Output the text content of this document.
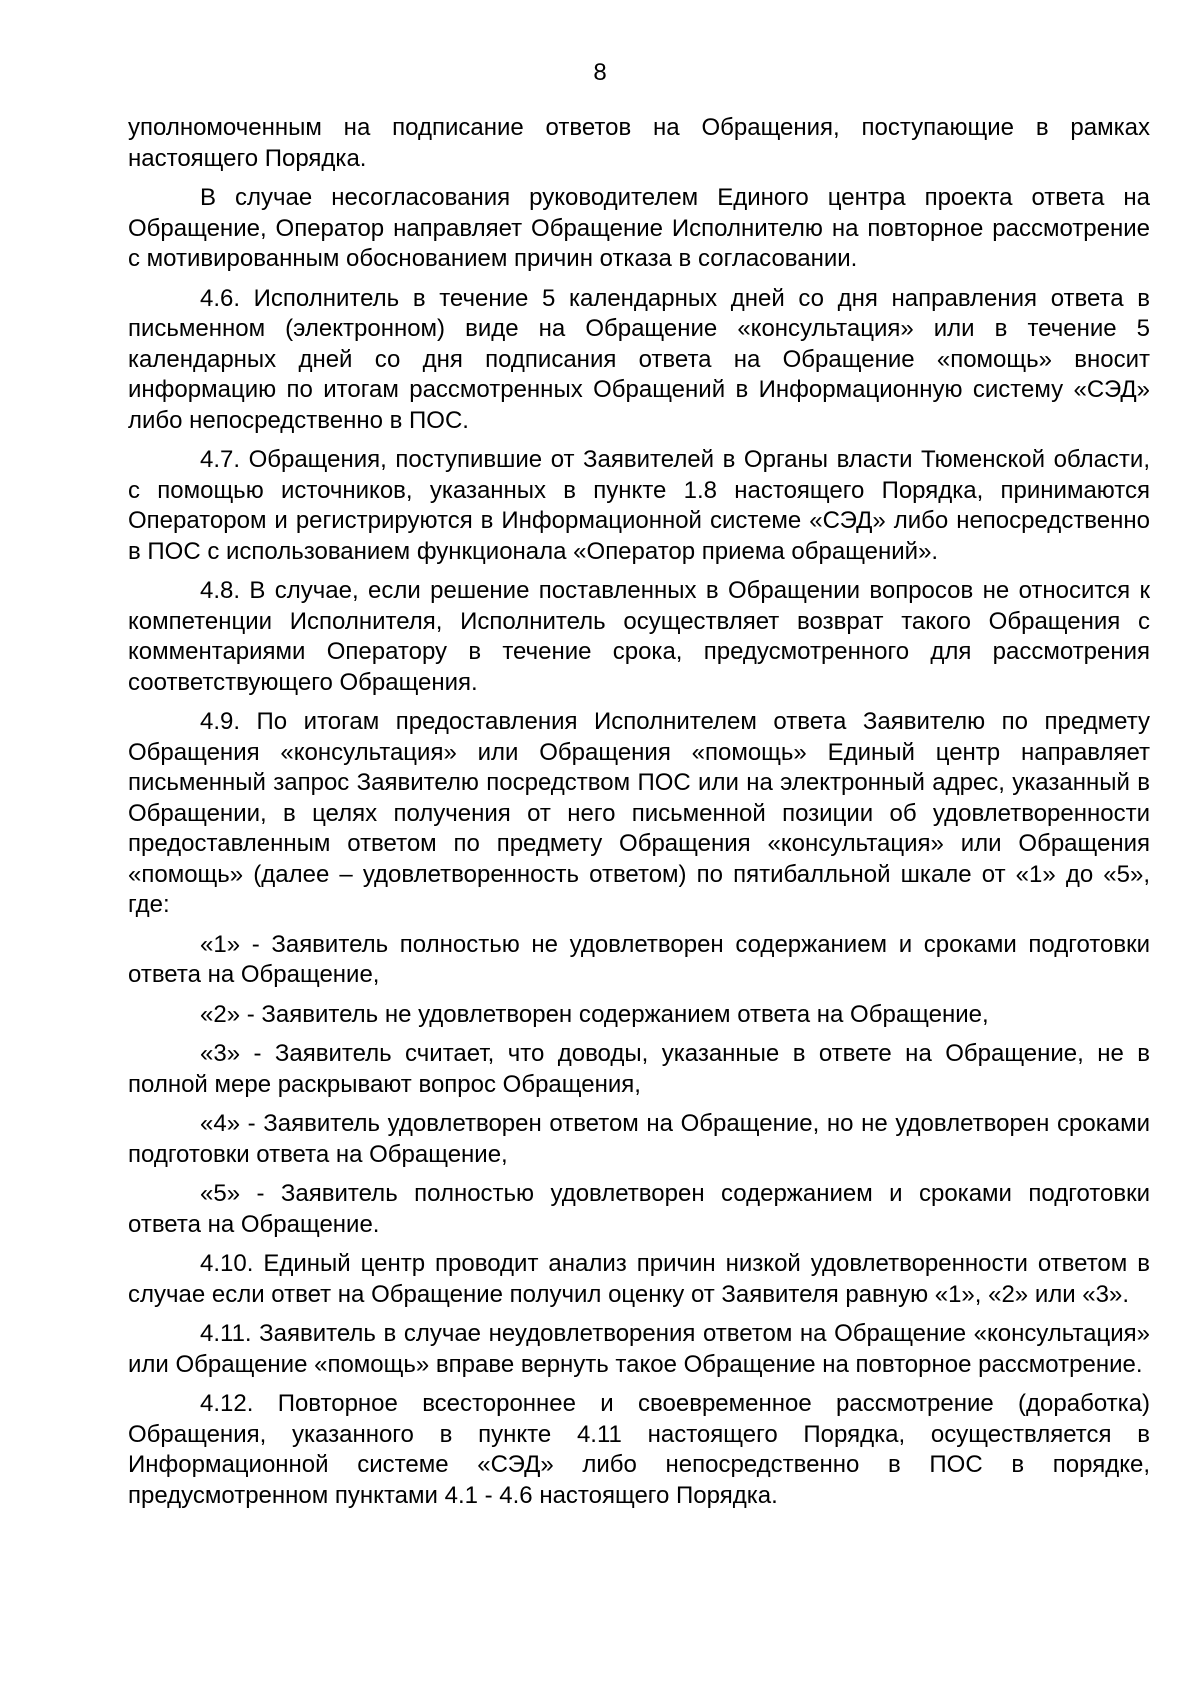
8

уполномоченным на подписание ответов на Обращения, поступающие в рамках настоящего Порядка.

В случае несогласования руководителем Единого центра проекта ответа на Обращение, Оператор направляет Обращение Исполнителю на повторное рассмотрение с мотивированным обоснованием причин отказа в согласовании.

4.6. Исполнитель в течение 5 календарных дней со дня направления ответа в письменном (электронном) виде на Обращение «консультация» или в течение 5 календарных дней со дня подписания ответа на Обращение «помощь» вносит информацию по итогам рассмотренных Обращений в Информационную систему «СЭД» либо непосредственно в ПОС.

4.7. Обращения, поступившие от Заявителей в Органы власти Тюменской области, с помощью источников, указанных в пункте 1.8 настоящего Порядка, принимаются Оператором и регистрируются в Информационной системе «СЭД» либо непосредственно в ПОС с использованием функционала «Оператор приема обращений».

4.8. В случае, если решение поставленных в Обращении вопросов не относится к компетенции Исполнителя, Исполнитель осуществляет возврат такого Обращения с комментариями Оператору в течение срока, предусмотренного для рассмотрения соответствующего Обращения.

4.9. По итогам предоставления Исполнителем ответа Заявителю по предмету Обращения «консультация» или Обращения «помощь» Единый центр направляет письменный запрос Заявителю посредством ПОС или на электронный адрес, указанный в Обращении, в целях получения от него письменной позиции об удовлетворенности предоставленным ответом по предмету Обращения «консультация» или Обращения «помощь» (далее – удовлетворенность ответом) по пятибалльной шкале от «1» до «5», где:

«1» - Заявитель полностью не удовлетворен содержанием и сроками подготовки ответа на Обращение,

«2» - Заявитель не удовлетворен содержанием ответа на Обращение,

«3» - Заявитель считает, что доводы, указанные в ответе на Обращение, не в полной мере раскрывают вопрос Обращения,

«4» - Заявитель удовлетворен ответом на Обращение, но не удовлетворен сроками подготовки ответа на Обращение,

«5» - Заявитель полностью удовлетворен содержанием и сроками подготовки ответа на Обращение.

4.10. Единый центр проводит анализ причин низкой удовлетворенности ответом в случае если ответ на Обращение получил оценку от Заявителя равную «1», «2» или «3».

4.11. Заявитель в случае неудовлетворения ответом на Обращение «консультация» или Обращение «помощь» вправе вернуть такое Обращение на повторное рассмотрение.

4.12. Повторное всестороннее и своевременное рассмотрение (доработка) Обращения, указанного в пункте 4.11 настоящего Порядка, осуществляется в Информационной системе «СЭД» либо непосредственно в ПОС в порядке, предусмотренном пунктами 4.1 - 4.6 настоящего Порядка.
